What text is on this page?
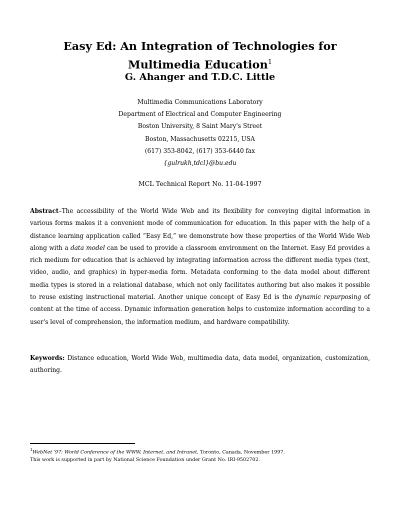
Easy Ed: An Integration of Technologies for
Multimedia Education$^1$
G. Ahanger and T.D.C. Little
Multimedia Communications Laboratory
Department of Electrical and Computer Engineering
Boston University, 8 Saint Mary's Street
Boston, Massachusetts 02215, USA
(617) 353-8042, (617) 353-6440 fax
{gulrukh,tdcl}@bu.edu
MCL Technical Report No. 11-04-1997
Abstract–The accessibility of the World Wide Web and its flexibility for conveying digital information in various forms makes it a convenient mode of communication for education. In this paper with the help of a distance learning application called “Easy Ed,” we demonstrate how these properties of the World Wide Web along with a data model can be used to provide a classroom environment on the Internet. Easy Ed provides a rich medium for education that is achieved by integrating information across the different media types (text, video, audio, and graphics) in hyper-media form. Metadata conforming to the data model about different media types is stored in a relational database, which not only facilitates authoring but also makes it possible to reuse existing instructional material. Another unique concept of Easy Ed is the dynamic repurposing of content at the time of access. Dynamic information generation helps to customize information according to a user's level of comprehension, the information medium, and hardware compatibility.
Keywords: Distance education, World Wide Web, multimedia data, data model, organization, customization, authoring.
$^1$WebNet '97: World Conference of the WWW, Internet, and Intranet, Toronto, Canada, November 1997.
This work is supported in part by National Science Foundation under Grant No. IRI-9502702.
